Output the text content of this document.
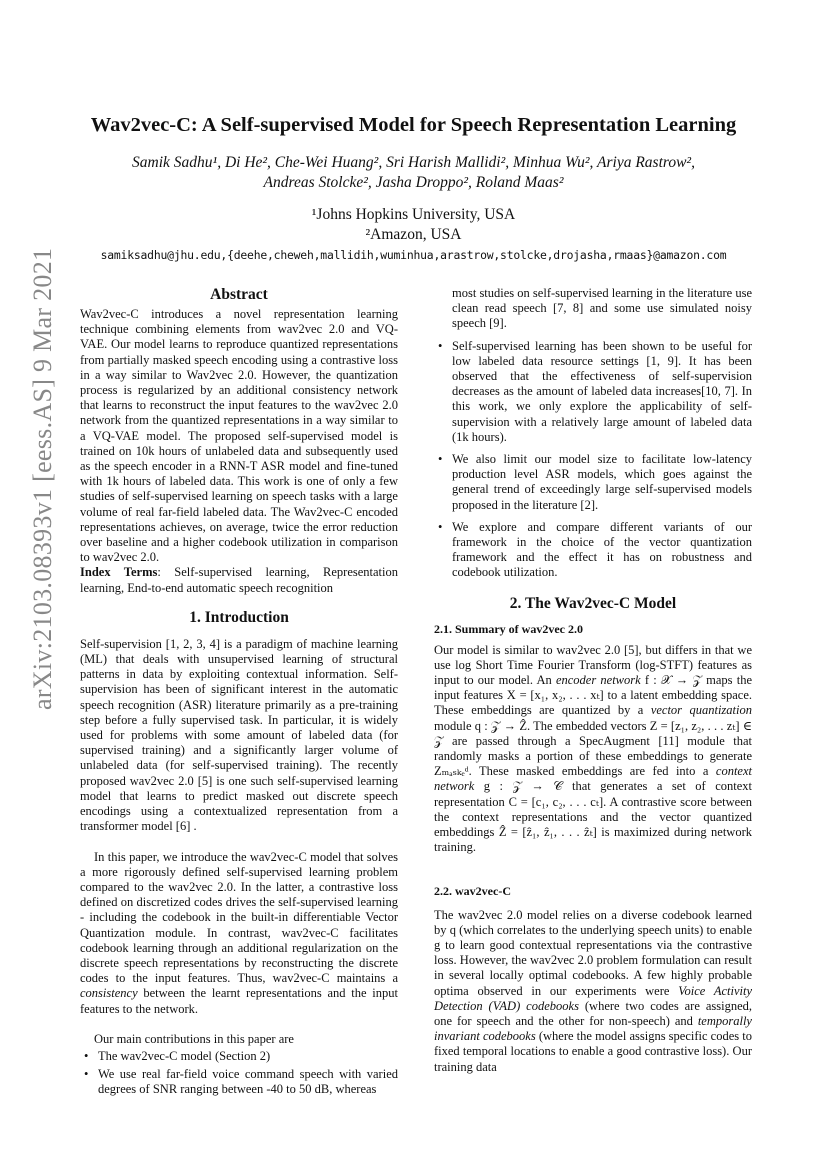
arXiv:2103.08393v1 [eess.AS] 9 Mar 2021
Wav2vec-C: A Self-supervised Model for Speech Representation Learning
Samik Sadhu¹, Di He², Che-Wei Huang², Sri Harish Mallidi², Minhua Wu², Ariya Rastrow²,
Andreas Stolcke², Jasha Droppo², Roland Maas²
¹Johns Hopkins University, USA
²Amazon, USA
samiksadhu@jhu.edu,{deehe,cheweh,mallidih,wuminhua,arastrow,stolcke,drojasha,rmaas}@amazon.com
Abstract

Wav2vec-C introduces a novel representation learning technique combining elements from wav2vec 2.0 and VQ-VAE. Our model learns to reproduce quantized representations from partially masked speech encoding using a contrastive loss in a way similar to Wav2vec 2.0. However, the quantization process is regularized by an additional consistency network that learns to reconstruct the input features to the wav2vec 2.0 network from the quantized representations in a way similar to a VQ-VAE model. The proposed self-supervised model is trained on 10k hours of unlabeled data and subsequently used as the speech encoder in a RNN-T ASR model and fine-tuned with 1k hours of labeled data. This work is one of only a few studies of self-supervised learning on speech tasks with a large volume of real far-field labeled data. The Wav2vec-C encoded representations achieves, on average, twice the error reduction over baseline and a higher codebook utilization in comparison to wav2vec 2.0.

Index Terms: Self-supervised learning, Representation learning, End-to-end automatic speech recognition

1. Introduction

Self-supervision [1, 2, 3, 4] is a paradigm of machine learning (ML) that deals with unsupervised learning of structural patterns in data by exploiting contextual information. Self-supervision has been of significant interest in the automatic speech recognition (ASR) literature primarily as a pre-training step before a fully supervised task. In particular, it is widely used for problems with some amount of labeled data (for supervised training) and a significantly larger volume of unlabeled data (for self-supervised training). The recently proposed wav2vec 2.0 [5] is one such self-supervised learning model that learns to predict masked out discrete speech encodings using a contextualized representation from a transformer model [6] .

In this paper, we introduce the wav2vec-C model that solves a more rigorously defined self-supervised learning problem compared to the wav2vec 2.0. In the latter, a contrastive loss defined on discretized codes drives the self-supervised learning - including the codebook in the built-in differentiable Vector Quantization module. In contrast, wav2vec-C facilitates codebook learning through an additional regularization on the discrete speech representations by reconstructing the discrete codes to the input features. Thus, wav2vec-C maintains a consistency between the learnt representations and the input features to the network.

Our main contributions in this paper are

• The wav2vec-C model (Section 2)
• We use real far-field voice command speech with varied degrees of SNR ranging between -40 to 50 dB, whereas
most studies on self-supervised learning in the literature use clean read speech [7, 8] and some use simulated noisy speech [9].
• Self-supervised learning has been shown to be useful for low labeled data resource settings [1, 9]. It has been observed that the effectiveness of self-supervision decreases as the amount of labeled data increases[10, 7]. In this work, we only explore the applicability of self-supervision with a relatively large amount of labeled data (1k hours).
• We also limit our model size to facilitate low-latency production level ASR models, which goes against the general trend of exceedingly large self-supervised models proposed in the literature [2].
• We explore and compare different variants of our framework in the choice of the vector quantization framework and the effect it has on robustness and codebook utilization.
2. The Wav2vec-C Model
2.1. Summary of wav2vec 2.0

Our model is similar to wav2vec 2.0 [5], but differs in that we use log Short Time Fourier Transform (log-STFT) features as input to our model. An encoder network f : 𝒳 → 𝒵 maps the input features X = [x₁, x₂, . . . xₜ] to a latent embedding space. These embeddings are quantized by a vector quantization module q : 𝒵 → Ẑ. The embedded vectors Z = [z₁, z₂, . . . zₜ] ∈ 𝒵 are passed through a SpecAugment [11] module that randomly masks a portion of these embeddings to generate Zₘₐₛₖₑᵈ. These masked embeddings are fed into a context network g : 𝒵 → 𝒞 that generates a set of context representation C = [c₁, c₂, . . . cₜ]. A contrastive score between the context representations and the vector quantized embeddings Ẑ = [ẑ₁, ẑ₁, . . . ẑₜ] is maximized during network training.

2.2. wav2vec-C

The wav2vec 2.0 model relies on a diverse codebook learned by q (which correlates to the underlying speech units) to enable g to learn good contextual representations via the contrastive loss. However, the wav2vec 2.0 problem formulation can result in several locally optimal codebooks. A few highly probable optima observed in our experiments were Voice Activity Detection (VAD) codebooks (where two codes are assigned, one for speech and the other for non-speech) and temporally invariant codebooks (where the model assigns specific codes to fixed temporal locations to enable a good contrastive loss). Our training data
